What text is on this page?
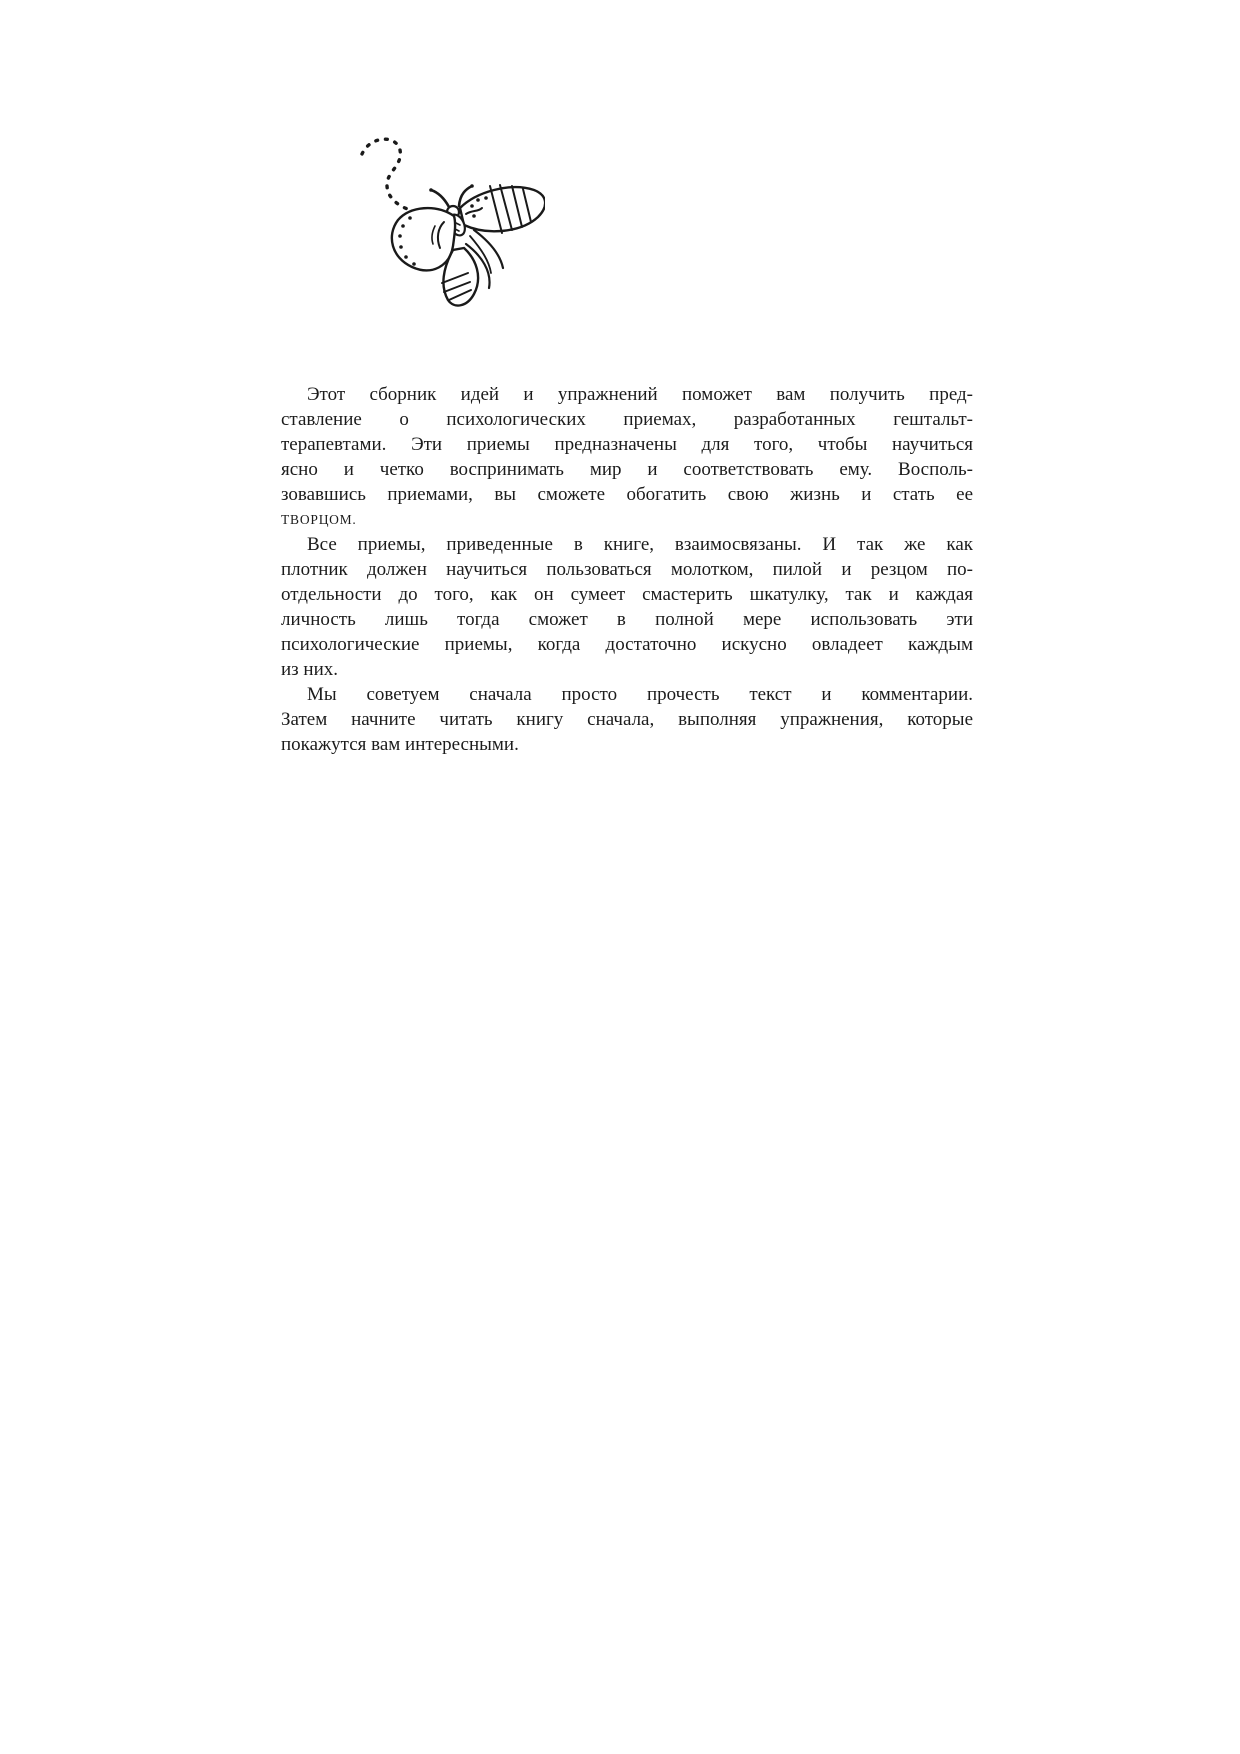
Этот сборник идей и упражнений поможет вам получить пред-
ставление о психологических приемах, разработанных гештальт-
терапевтами. Эти приемы предназначены для того, чтобы научиться
ясно и четко воспринимать мир и соответствовать ему. Восполь-
зовавшись приемами, вы сможете обогатить свою жизнь и стать ее
ТВОРЦОМ.
Все приемы, приведенные в книге, взаимосвязаны. И так же как
плотник должен научиться пользоваться молотком, пилой и резцом по-
отдельности до того, как он сумеет смастерить шкатулку, так и каждая
личность лишь тогда сможет в полной мере использовать эти
психологические приемы, когда достаточно искусно овладеет каждым
из них.
Мы советуем сначала просто прочесть текст и комментарии.
Затем начните читать книгу сначала, выполняя упражнения, которые
покажутся вам интересными.
